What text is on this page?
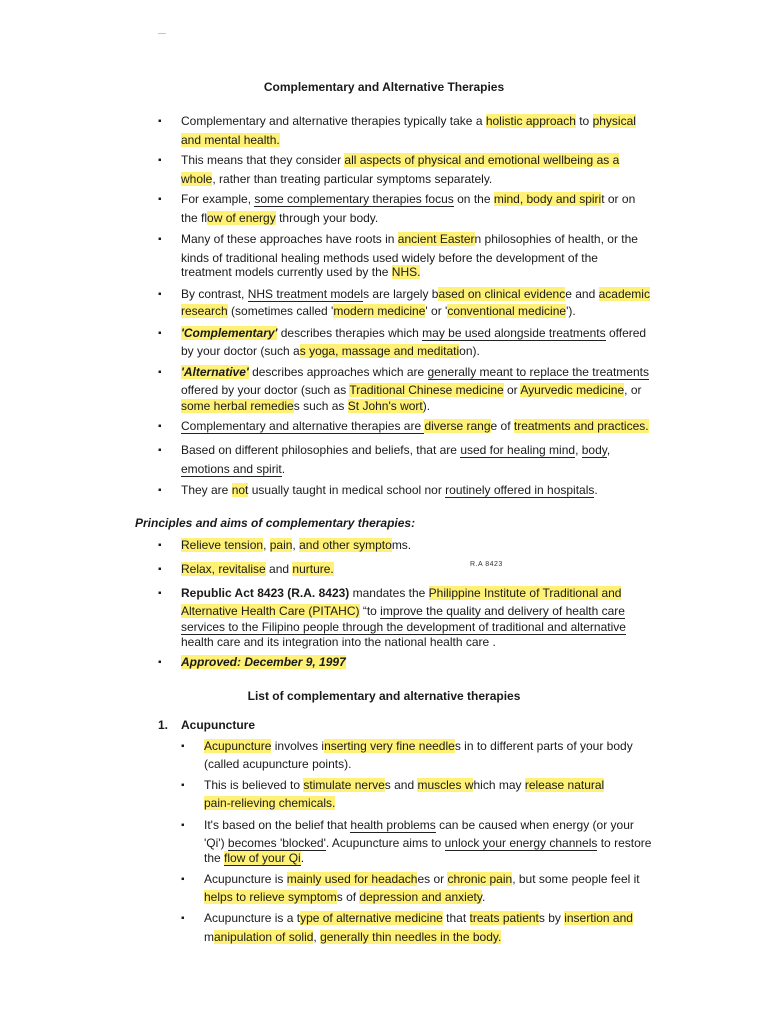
Complementary and Alternative Therapies
▪ Complementary and alternative therapies typically take a holistic approach to physical
and mental health.
▪ This means that they consider all aspects of physical and emotional wellbeing as a
whole, rather than treating particular symptoms separately.
▪ For example, some complementary therapies focus on the mind, body and spirit or on
the flow of energy through your body.
▪ Many of these approaches have roots in ancient Eastern philosophies of health, or the
kinds of traditional healing methods used widely before the development of the
treatment models currently used by the NHS.
▪ By contrast, NHS treatment models are largely based on clinical evidence and academic
research (sometimes called 'modern medicine' or 'conventional medicine').
▪ 'Complementary' describes therapies which may be used alongside treatments offered
by your doctor (such as yoga, massage and meditation).
▪ 'Alternative' describes approaches which are generally meant to replace the treatments
offered by your doctor (such as Traditional Chinese medicine or Ayurvedic medicine, or
some herbal remedies such as St John's wort).
▪ Complementary and alternative therapies are diverse range of treatments and practices.
▪ Based on different philosophies and beliefs, that are used for healing mind, body,
emotions and spirit.
▪ They are not usually taught in medical school nor routinely offered in hospitals.
Principles and aims of complementary therapies:
▪ Relieve tension, pain, and other symptoms.
▪ Relax, revitalise and nurture.	R.A 8423
▪ Republic Act 8423 (R.A. 8423) mandates the Philippine Institute of Traditional and
Alternative Health Care (PITAHC) “to improve the quality and delivery of health care
services to the Filipino people through the development of traditional and alternative
health care and its integration into the national health care .
▪ Approved: December 9, 1997
List of complementary and alternative therapies
1. Acupuncture
▪ Acupuncture involves inserting very fine needles in to different parts of your body
(called acupuncture points).
▪ This is believed to stimulate nerves and muscles which may release natural
pain-relieving chemicals.
▪ It's based on the belief that health problems can be caused when energy (or your
'Qi') becomes 'blocked'. Acupuncture aims to unlock your energy channels to restore
the flow of your Qi.
▪ Acupuncture is mainly used for headaches or chronic pain, but some people feel it
helps to relieve symptoms of depression and anxiety.
▪ Acupuncture is a type of alternative medicine that treats patients by insertion and
manipulation of solid, generally thin needles in the body.
